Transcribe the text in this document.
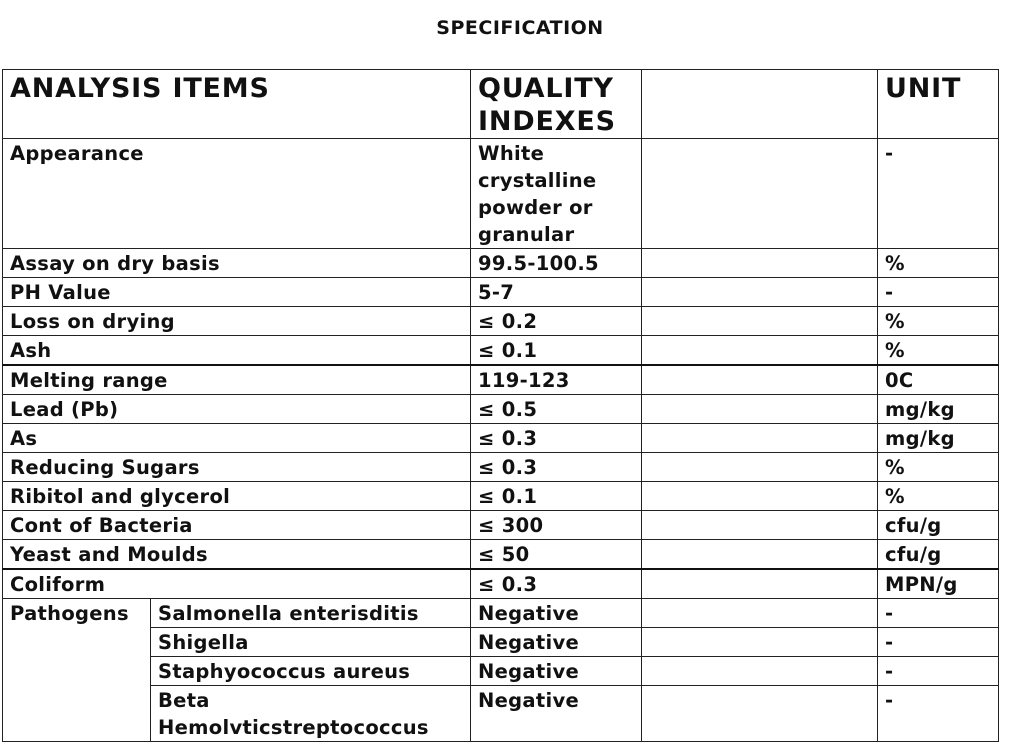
SPECIFICATION
ANALYSIS ITEMS		QUALITY INDEXES		UNIT
Appearance		White crystalline powder or granular		-
Assay on dry basis		99.5-100.5		%
PH Value		5-7		-
Loss on drying		≤ 0.2		%
Ash		≤ 0.1		%
Melting range		119-123		0C
Lead (Pb)		≤ 0.5		mg/kg
As		≤ 0.3		mg/kg
Reducing Sugars		≤ 0.3		%
Ribitol and glycerol		≤ 0.1		%
Cont of Bacteria		≤ 300		cfu/g
Yeast and Moulds		≤ 50		cfu/g
Coliform		≤ 0.3		MPN/g
Pathogens	Salmonella enterisditis	Negative		-
	Shigella	Negative		-
	Staphyococcus aureus	Negative		-
	Beta Hemolvticstreptococcus	Negative		-
